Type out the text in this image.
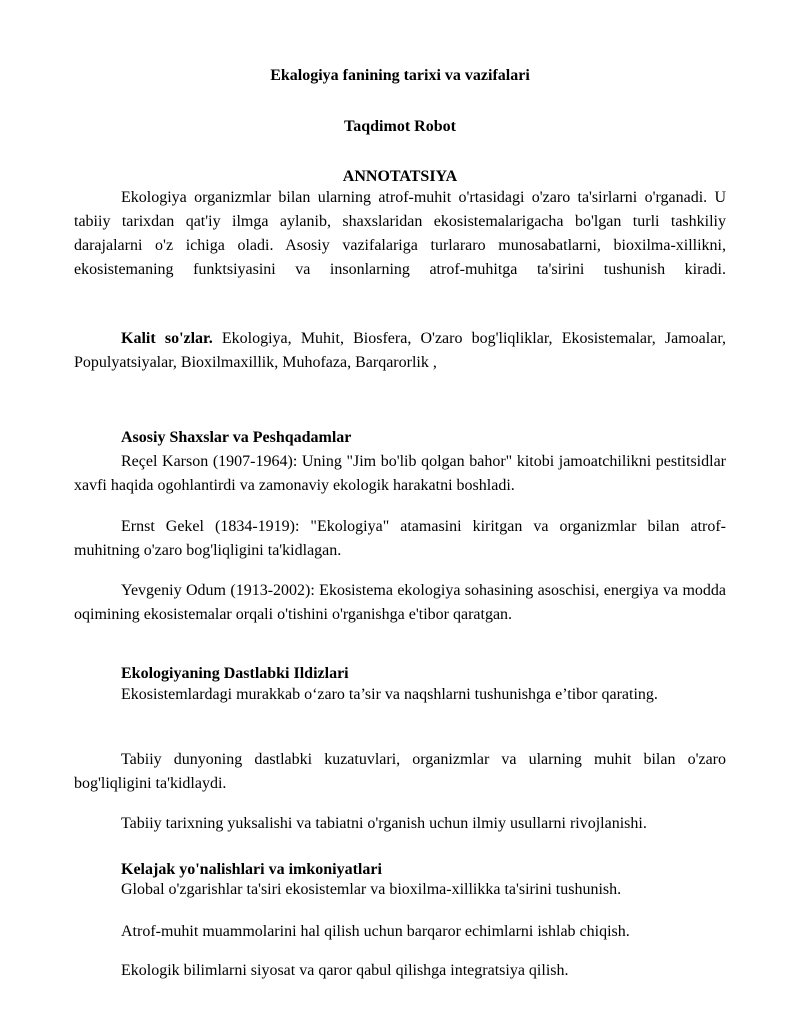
Ekalogiya fanining tarixi va vazifalari
Taqdimot Robot
ANNOTATSIYA

Ekologiya organizmlar bilan ularning atrof-muhit o'rtasidagi o'zaro ta'sirlarni o'rganadi. U tabiiy tarixdan qat'iy ilmga aylanib, shaxslaridan ekosistemalarigacha bo'lgan turli tashkiliy darajalarni o'z ichiga oladi. Asosiy vazifalariga turlararo munosabatlarni, bioxilma-xillikni, ekosistemaning funktsiyasini va insonlarning atrof-muhitga ta'sirini tushunish kiradi.

Kalit so'zlar. Ekologiya, Muhit, Biosfera, O'zaro bog'liqliklar, Ekosistemalar, Jamoalar, Populyatsiyalar, Bioxilmaxillik, Muhofaza, Barqarorlik ,

Asosiy Shaxslar va Peshqadamlar

Reçel Karson (1907-1964): Uning "Jim bo'lib qolgan bahor" kitobi jamoatchilikni pestitsidlar xavfi haqida ogohlantirdi va zamonaviy ekologik harakatni boshladi.

Ernst Gekel (1834-1919): "Ekologiya" atamasini kiritgan va organizmlar bilan atrof-muhitning o'zaro bog'liqligini ta'kidlagan.

Yevgeniy Odum (1913-2002): Ekosistema ekologiya sohasining asoschisi, energiya va modda oqimining ekosistemalar orqali o'tishini o'rganishga e'tibor qaratgan.

Ekologiyaning Dastlabki Ildizlari

Ekosistemlardagi murakkab o‘zaro ta’sir va naqshlarni tushunishga e’tibor qarating.

Tabiiy dunyoning dastlabki kuzatuvlari, organizmlar va ularning muhit bilan o'zaro bog'liqligini ta'kidlaydi.

Tabiiy tarixning yuksalishi va tabiatni o'rganish uchun ilmiy usullarni rivojlanishi.
Kelajak yo'nalishlari va imkoniyatlari
Global o'zgarishlar ta'siri ekosistemlar va bioxilma-xillikka ta'sirini tushunish.
Atrof-muhit muammolarini hal qilish uchun barqaror echimlarni ishlab chiqish.
Ekologik bilimlarni siyosat va qaror qabul qilishga integratsiya qilish.
